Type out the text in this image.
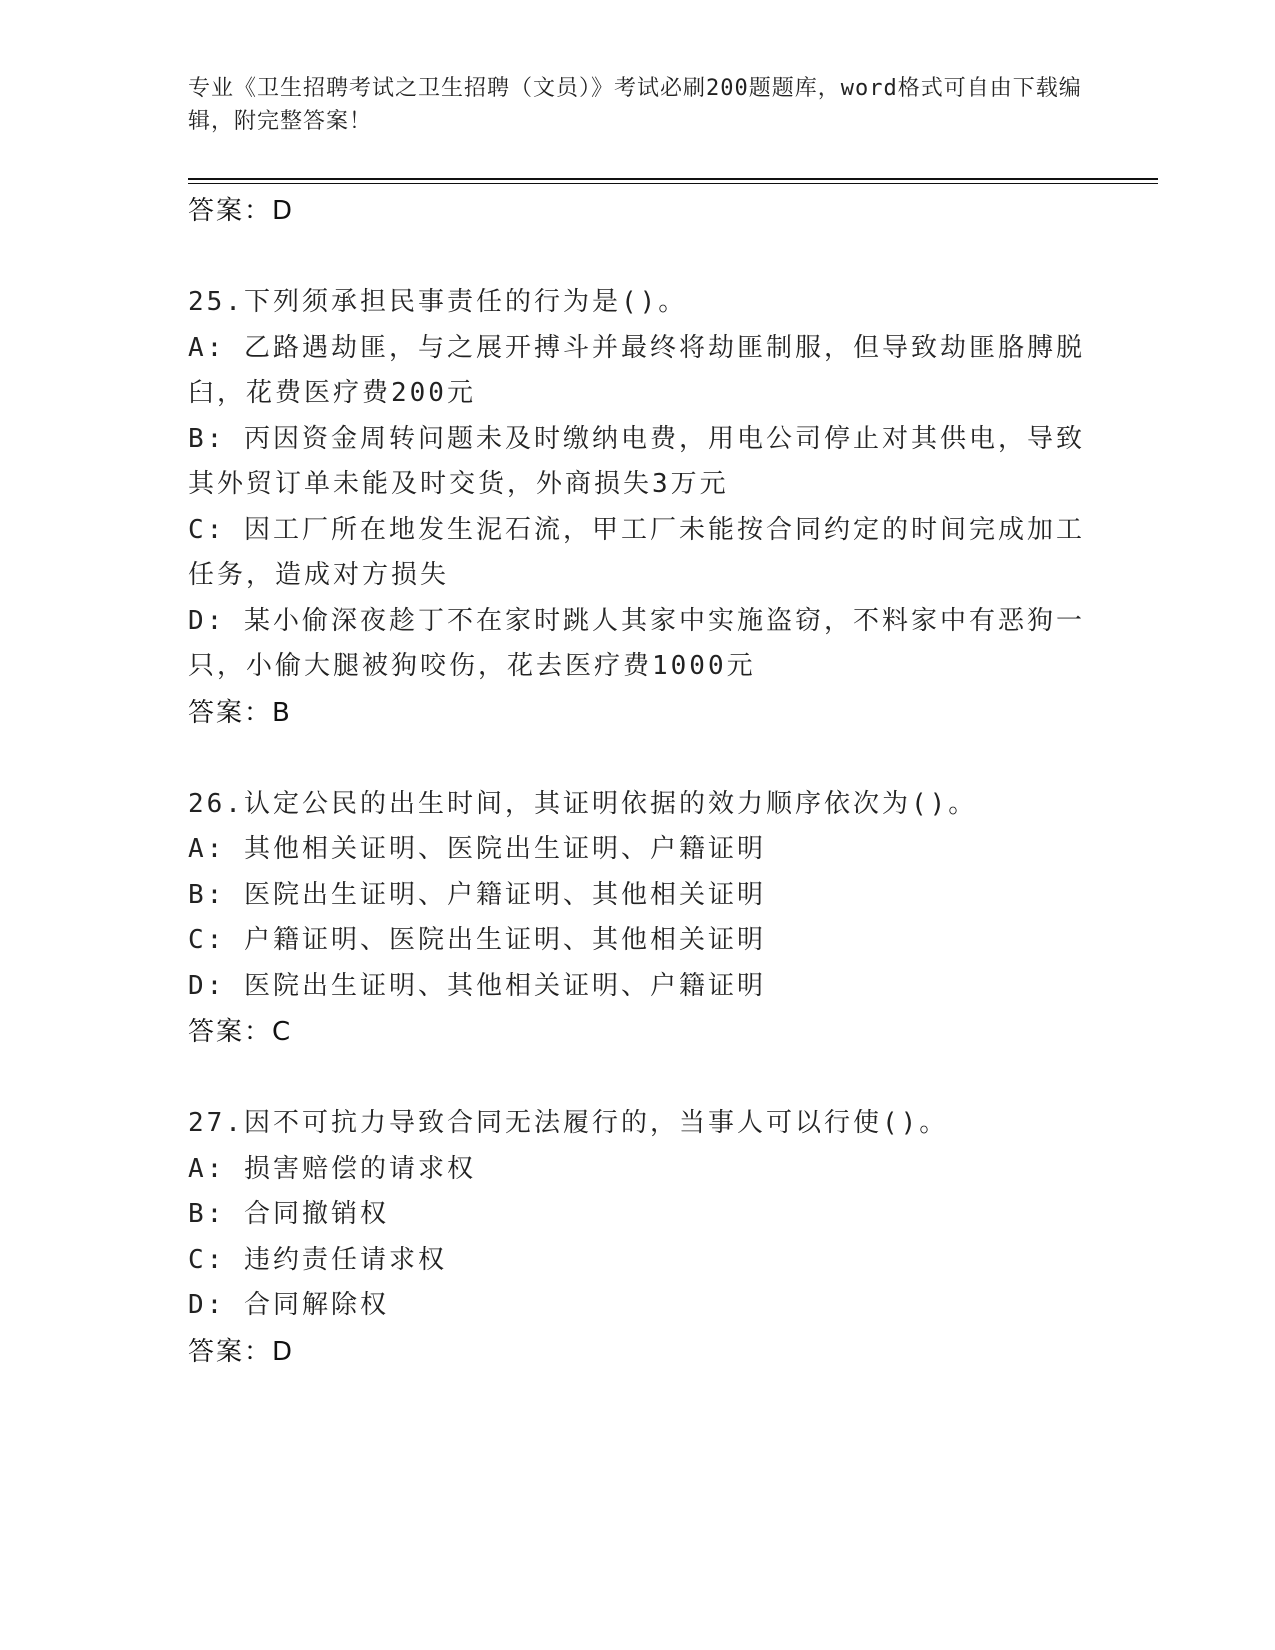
专业《卫生招聘考试之卫生招聘（文员）》考试必刷200题题库，word格式可自由下载编辑，附完整答案！
答案：D
25.下列须承担民事责任的行为是()。
A: 乙路遇劫匪，与之展开搏斗并最终将劫匪制服，但导致劫匪胳膊脱臼，花费医疗费200元
B: 丙因资金周转问题未及时缴纳电费，用电公司停止对其供电，导致其外贸订单未能及时交货，外商损失3万元
C: 因工厂所在地发生泥石流，甲工厂未能按合同约定的时间完成加工任务，造成对方损失
D: 某小偷深夜趁丁不在家时跳人其家中实施盗窃，不料家中有恶狗一只，小偷大腿被狗咬伤，花去医疗费1000元
答案：B
26.认定公民的出生时间，其证明依据的效力顺序依次为()。
A: 其他相关证明、医院出生证明、户籍证明
B: 医院出生证明、户籍证明、其他相关证明
C: 户籍证明、医院出生证明、其他相关证明
D: 医院出生证明、其他相关证明、户籍证明
答案：C
27.因不可抗力导致合同无法履行的，当事人可以行使()。
A: 损害赔偿的请求权
B: 合同撤销权
C: 违约责任请求权
D: 合同解除权
答案：D
